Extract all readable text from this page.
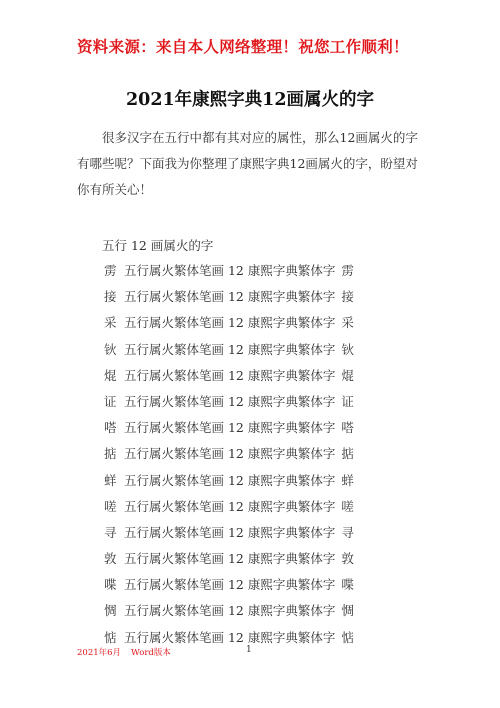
资料来源：来自本人网络整理！祝您工作顺利！
2021年康熙字典12画属火的字

很多汉字在五行中都有其对应的属性，那么12画属火的字有哪些呢？下面我为你整理了康熙字典12画属火的字，盼望对你有所关心！

五行 12 画属火的字
雳 五行属火繁体笔画 12 康熙字典繁体字 雳
接 五行属火繁体笔画 12 康熙字典繁体字 接
采 五行属火繁体笔画 12 康熙字典繁体字 采
钬 五行属火繁体笔画 12 康熙字典繁体字 钬
焜 五行属火繁体笔画 12 康熙字典繁体字 焜
证 五行属火繁体笔画 12 康熙字典繁体字 证
嗒 五行属火繁体笔画 12 康熙字典繁体字 嗒
掂 五行属火繁体笔画 12 康熙字典繁体字 掂
蛘 五行属火繁体笔画 12 康熙字典繁体字 蛘
嗟 五行属火繁体笔画 12 康熙字典繁体字 嗟
寻 五行属火繁体笔画 12 康熙字典繁体字 寻
敦 五行属火繁体笔画 12 康熙字典繁体字 敦
喋 五行属火繁体笔画 12 康熙字典繁体字 喋
惆 五行属火繁体笔画 12 康熙字典繁体字 惆
惦 五行属火繁体笔画 12 康熙字典繁体字 惦
2021年6月 Word版本	1
